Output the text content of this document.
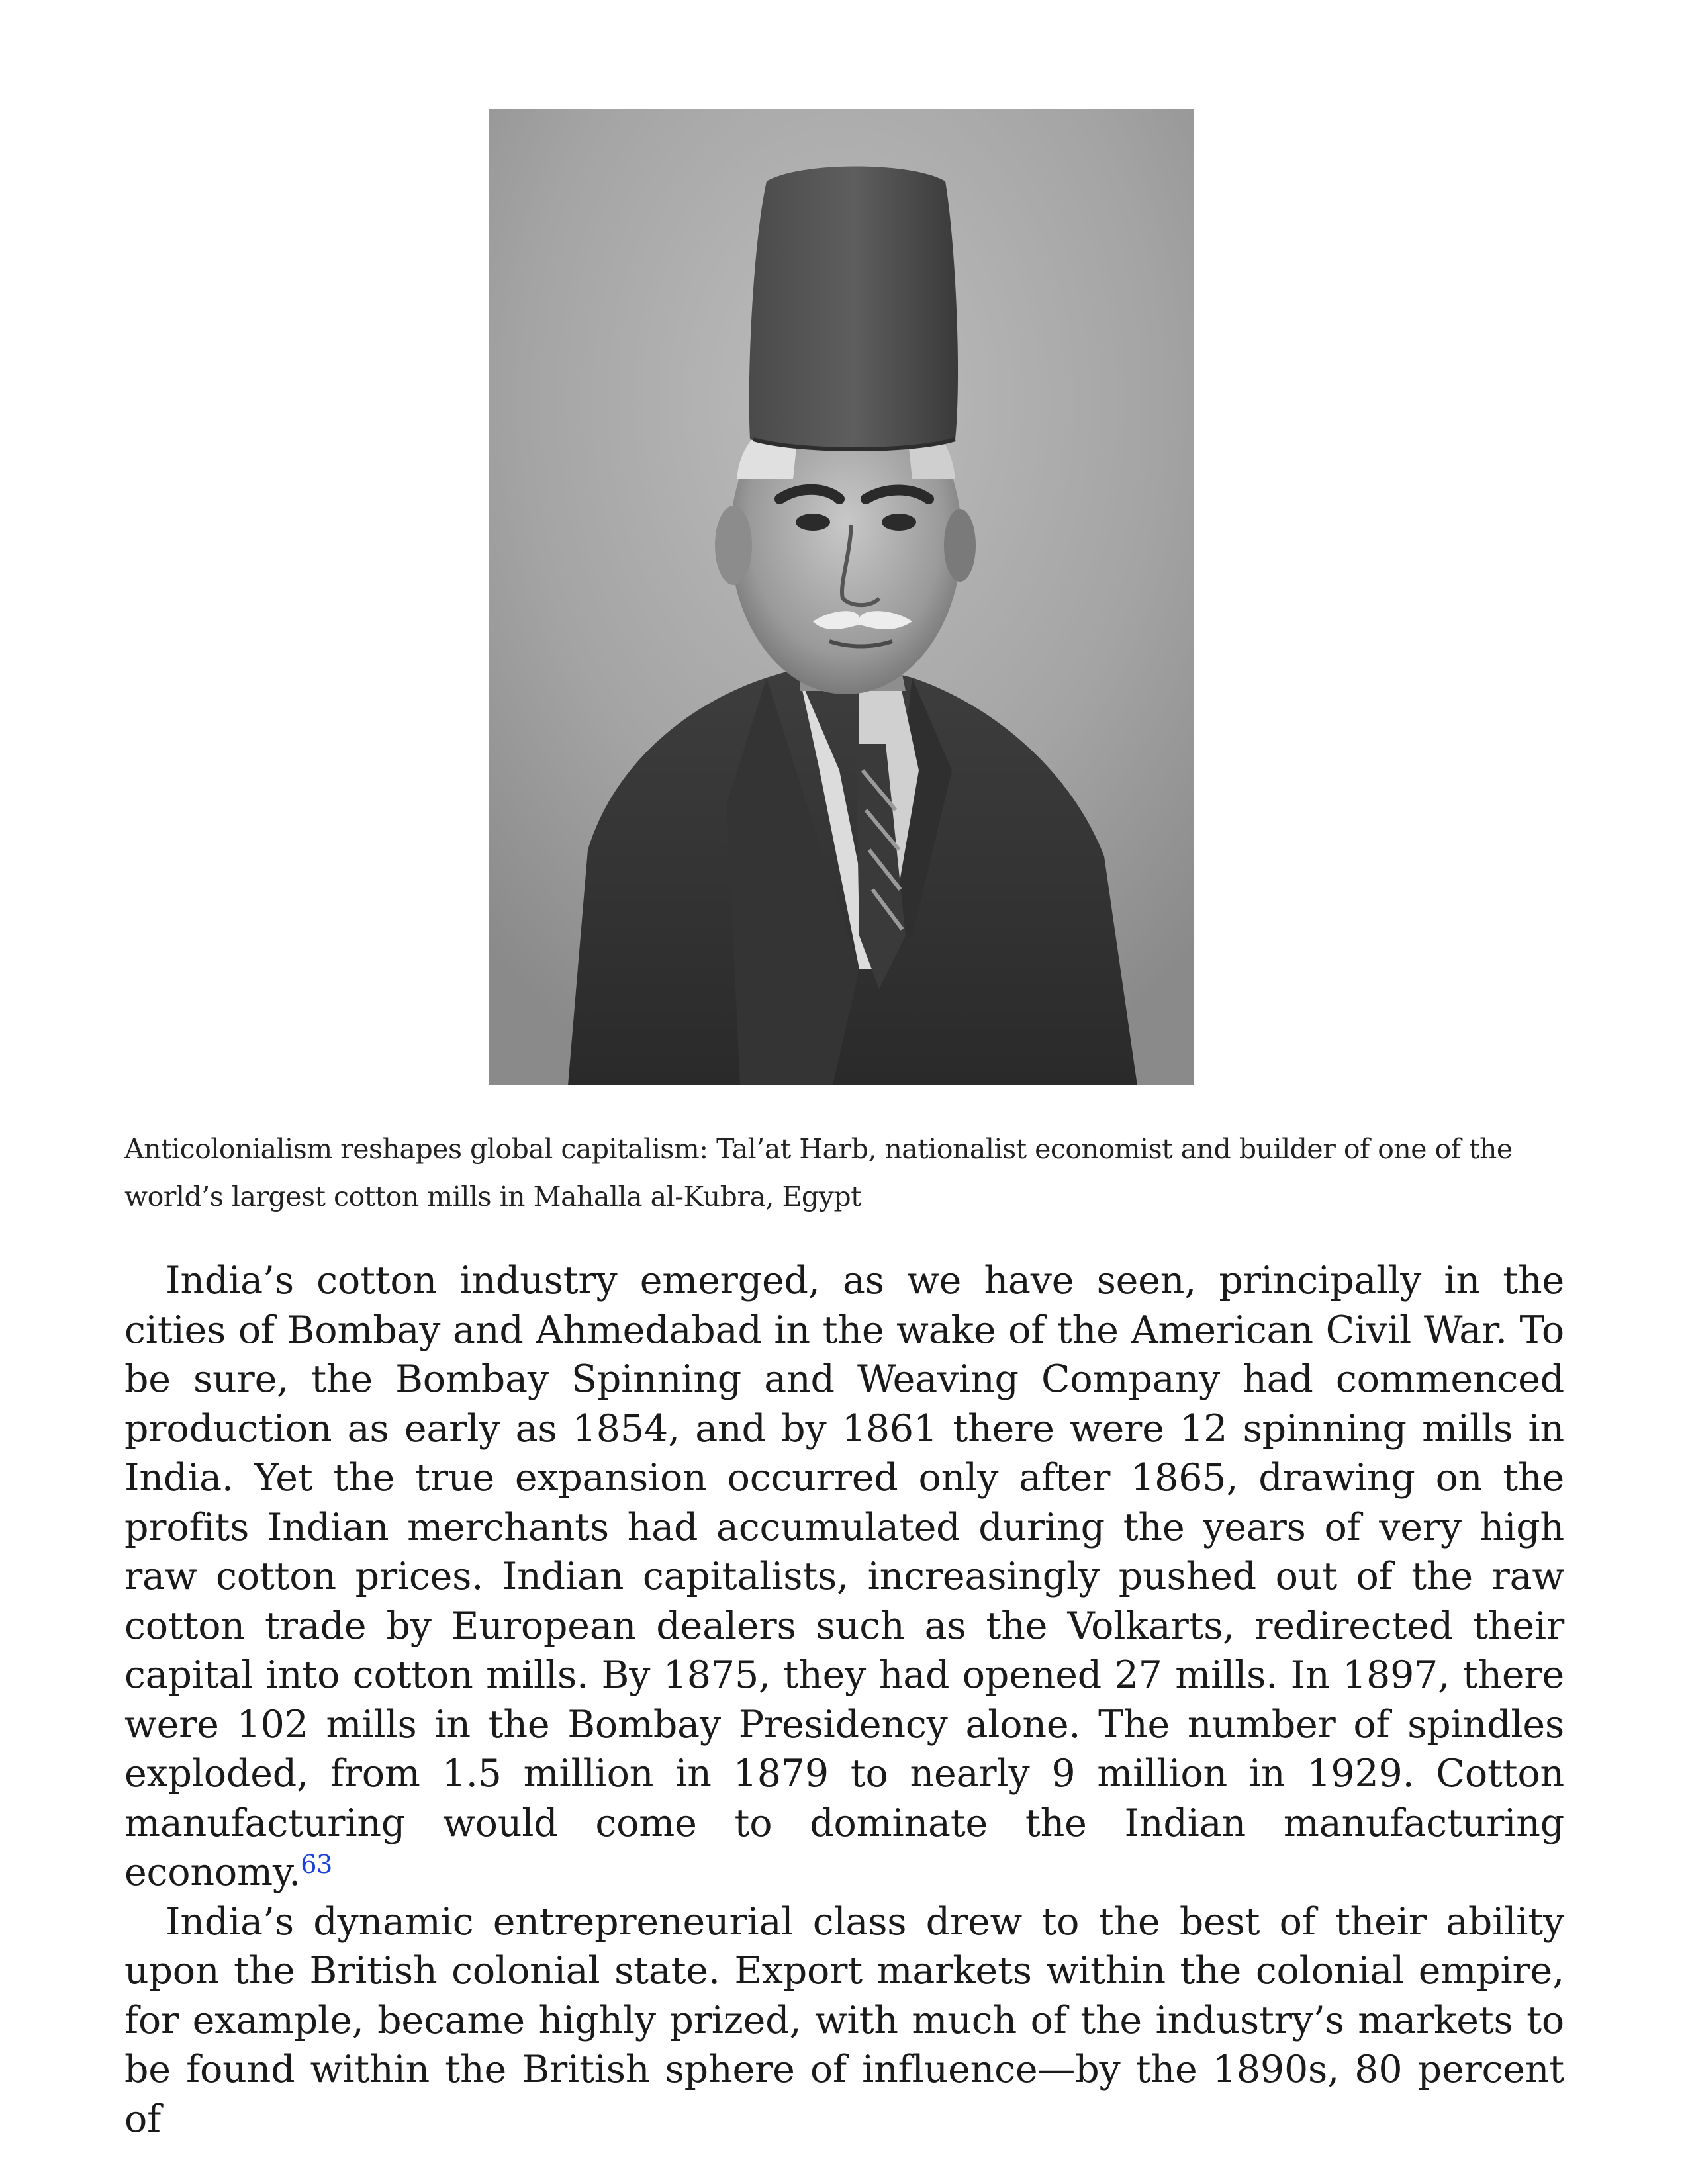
Anticolonialism reshapes global capitalism: Tal’at Harb, nationalist economist and builder of one of the
world’s largest cotton mills in Mahalla al-Kubra, Egypt

India’s cotton industry emerged, as we have seen, principally in the cities of Bombay and Ahmedabad in the wake of the American Civil War. To be sure, the Bombay Spinning and Weaving Company had commenced production as early as 1854, and by 1861 there were 12 spinning mills in India. Yet the true expansion occurred only after 1865, drawing on the profits Indian merchants had accumulated during the years of very high raw cotton prices. Indian capitalists, increasingly pushed out of the raw cotton trade by European dealers such as the Volkarts, redirected their capital into cotton mills. By 1875, they had opened 27 mills. In 1897, there were 102 mills in the Bombay Presidency alone. The number of spindles exploded, from 1.5 million in 1879 to nearly 9 million in 1929. Cotton manufacturing would come to dominate the Indian manufacturing economy.$^{63}$

India’s dynamic entrepreneurial class drew to the best of their ability upon the British colonial state. Export markets within the colonial empire, for example, became highly prized, with much of the industry’s markets to be found within the British sphere of influence—by the 1890s, 80 percent of
